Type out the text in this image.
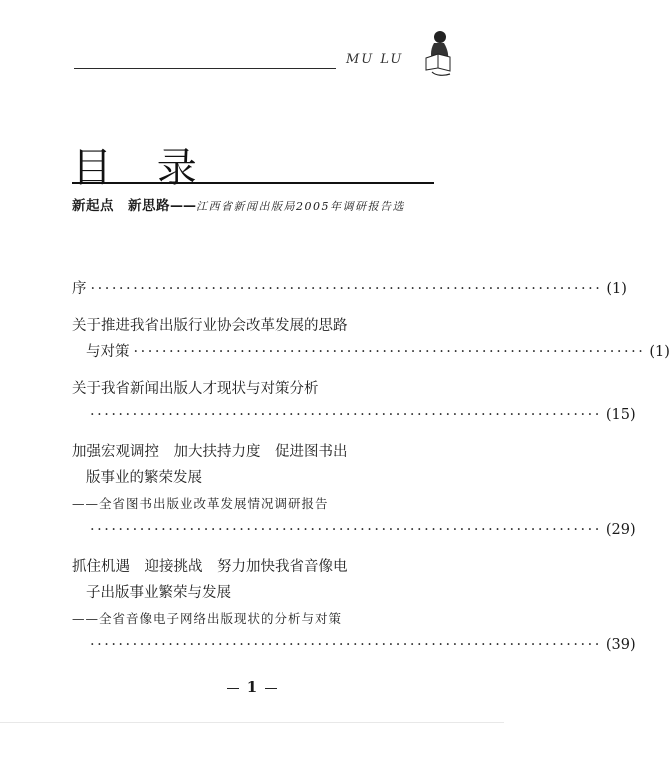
MU LU
目 录
新起点 新思路——江西省新闻出版局2005年调研报告选
序 ········································································ (1)
关于推进我省出版行业协会改革发展的思路
与对策 ········································································ (1)
关于我省新闻出版人才现状与对策分析
········································································ (15)
加强宏观调控　加大扶持力度　促进图书出
版事业的繁荣发展
——全省图书出版业改革发展情况调研报告
········································································ (29)
抓住机遇　迎接挑战　努力加快我省音像电
子出版事业繁荣与发展
——全省音像电子网络出版现状的分析与对策
········································································ (39)
1
